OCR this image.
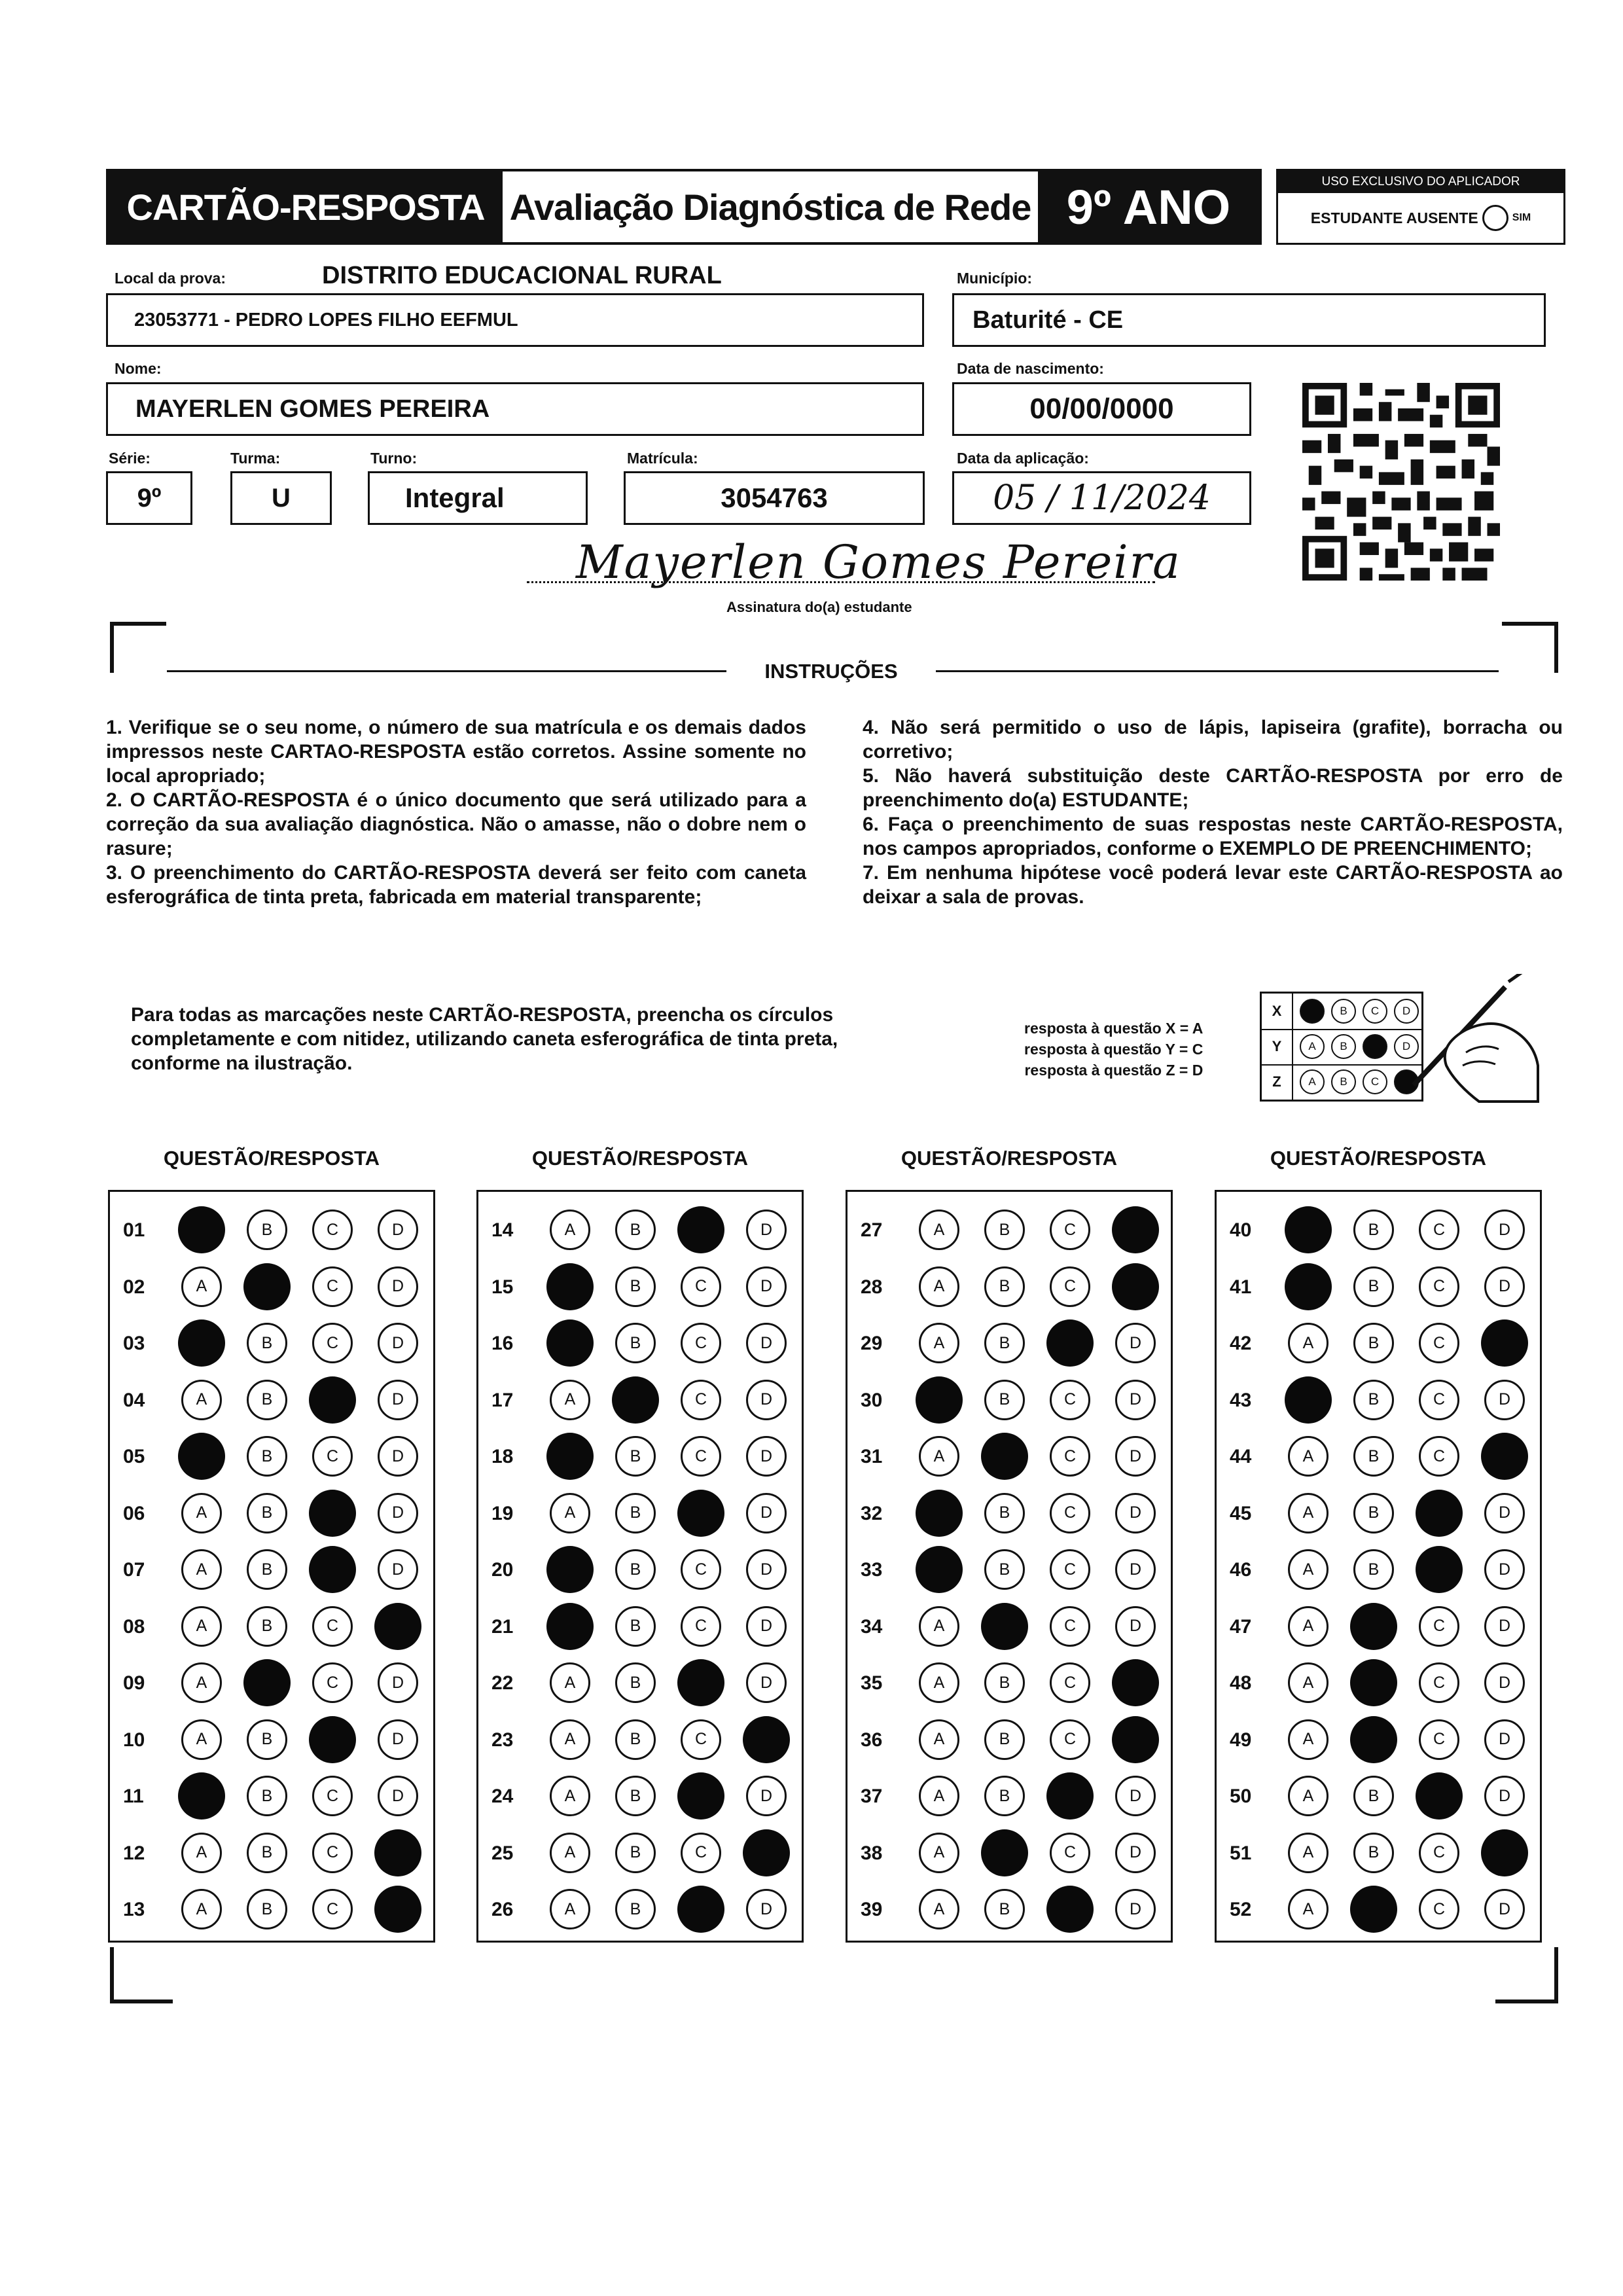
CARTÃO-RESPOSTA Avaliação Diagnóstica de Rede 9º ANO	USO EXCLUSIVO DO APLICADOR
ESTUDANTE AUSENTE	SIM
Local da prova:	DISTRITO EDUCACIONAL RURAL
23053771 - PEDRO LOPES FILHO EEFMUL
Município:
Baturité - CE
Nome:
MAYERLEN GOMES PEREIRA
Data de nascimento:
00/00/0000
Série:
9º
Turma:
U
Turno:
Integral
Matrícula:
3054763
Data da aplicação:
05 / 11/2024
Mayerlen Gomes Pereira
Assinatura do(a) estudante
INSTRUÇÕES

1. Verifique se o seu nome, o número de sua matrícula e os demais dados impressos neste CARTAO-RESPOSTA estão corretos. Assine somente no local apropriado;

2. O CARTÃO-RESPOSTA é o único documento que será utilizado para a correção da sua avaliação diagnóstica. Não o amasse, não o dobre nem o rasure;

3. O preenchimento do CARTÃO-RESPOSTA deverá ser feito com caneta esferográfica de tinta preta, fabricada em material transparente;

4. Não será permitido o uso de lápis, lapiseira (grafite), borracha ou corretivo;

5. Não haverá substituição deste CARTÃO-RESPOSTA por erro de preenchimento do(a) ESTUDANTE;

6. Faça o preenchimento de suas respostas neste CARTÃO-RESPOSTA, nos campos apropriados, conforme o EXEMPLO DE PREENCHIMENTO;

7. Em nenhuma hipótese você poderá levar este CARTÃO-RESPOSTA ao deixar a sala de provas.

Para todas as marcações neste CARTÃO-RESPOSTA, preencha os círculos completamente e com nitidez, utilizando caneta esferográfica de tinta preta, conforme na ilustração.
resposta à questão X = A
resposta à questão Y = C
resposta à questão Z = D
X	B	C	D
Y	A	B	D
Z	A	B	C
QUESTÃO/RESPOSTA
01	B	C	D
02	A	C	D
03	B	C	D
04	A	B	D
05	B	C	D
06	A	B	D
07	A	B	D
08	A	B	C
09	A	C	D
10	A	B	D
11	B	C	D
12	A	B	C
13	A	B	C
QUESTÃO/RESPOSTA
14	A	B	D
15	B	C	D
16	B	C	D
17	A	C	D
18	B	C	D
19	A	B	D
20	B	C	D
21	B	C	D
22	A	B	D
23	A	B	C
24	A	B	D
25	A	B	C
26	A	B	D
QUESTÃO/RESPOSTA
27	A	B	C
28	A	B	C
29	A	B	D
30	B	C	D
31	A	C	D
32	B	C	D
33	B	C	D
34	A	C	D
35	A	B	C
36	A	B	C
37	A	B	D
38	A	C	D
39	A	B	D
QUESTÃO/RESPOSTA
40	B	C	D
41	B	C	D
42	A	B	C
43	B	C	D
44	A	B	C
45	A	B	D
46	A	B	D
47	A	C	D
48	A	C	D
49	A	C	D
50	A	B	D
51	A	B	C
52	A	C	D
